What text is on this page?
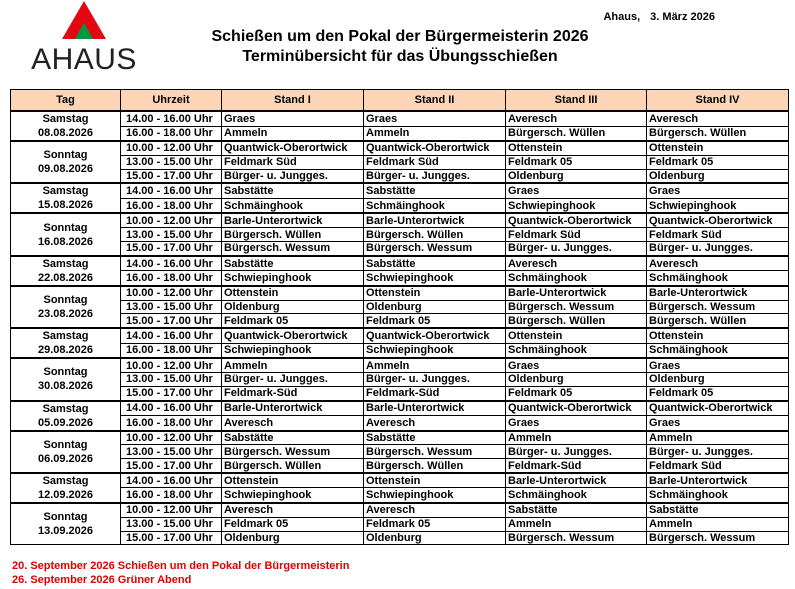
AHAUS
Schießen um den Pokal der Bürgermeisterin 2026
Terminübersicht für das Übungsschießen
Ahaus, 3. März 2026
Tag	Uhrzeit	Stand I	Stand II	Stand III	Stand IV

Samstag
08.08.2026	14.00 - 16.00 Uhr	Graes	Graes	Averesch	Averesch
	16.00 - 18.00 Uhr	Ammeln	Ammeln	Bürgersch. Wüllen	Bürgersch. Wüllen

Sonntag
09.08.2026	10.00 - 12.00 Uhr	Quantwick-Oberortwick	Quantwick-Oberortwick	Ottenstein	Ottenstein
	13.00 - 15.00 Uhr	Feldmark Süd	Feldmark Süd	Feldmark 05	Feldmark 05
	15.00 - 17.00 Uhr	Bürger- u. Jungges.	Bürger- u. Jungges.	Oldenburg	Oldenburg

Samstag
15.08.2026	14.00 - 16.00 Uhr	Sabstätte	Sabstätte	Graes	Graes
	16.00 - 18.00 Uhr	Schmäinghook	Schmäinghook	Schwiepinghook	Schwiepinghook

Sonntag
16.08.2026	10.00 - 12.00 Uhr	Barle-Unterortwick	Barle-Unterortwick	Quantwick-Oberortwick	Quantwick-Oberortwick
	13.00 - 15.00 Uhr	Bürgersch. Wüllen	Bürgersch. Wüllen	Feldmark Süd	Feldmark Süd
	15.00 - 17.00 Uhr	Bürgersch. Wessum	Bürgersch. Wessum	Bürger- u. Jungges.	Bürger- u. Jungges.

Samstag
22.08.2026	14.00 - 16.00 Uhr	Sabstätte	Sabstätte	Averesch	Averesch
	16.00 - 18.00 Uhr	Schwiepinghook	Schwiepinghook	Schmäinghook	Schmäinghook

Sonntag
23.08.2026	10.00 - 12.00 Uhr	Ottenstein	Ottenstein	Barle-Unterortwick	Barle-Unterortwick
	13.00 - 15.00 Uhr	Oldenburg	Oldenburg	Bürgersch. Wessum	Bürgersch. Wessum
	15.00 - 17.00 Uhr	Feldmark 05	Feldmark 05	Bürgersch. Wüllen	Bürgersch. Wüllen

Samstag
29.08.2026	14.00 - 16.00 Uhr	Quantwick-Oberortwick	Quantwick-Oberortwick	Ottenstein	Ottenstein
	16.00 - 18.00 Uhr	Schwiepinghook	Schwiepinghook	Schmäinghook	Schmäinghook

Sonntag
30.08.2026	10.00 - 12.00 Uhr	Ammeln	Ammeln	Graes	Graes
	13.00 - 15.00 Uhr	Bürger- u. Jungges.	Bürger- u. Jungges.	Oldenburg	Oldenburg
	15.00 - 17.00 Uhr	Feldmark-Süd	Feldmark-Süd	Feldmark 05	Feldmark 05

Samstag
05.09.2026	14.00 - 16.00 Uhr	Barle-Unterortwick	Barle-Unterortwick	Quantwick-Oberortwick	Quantwick-Oberortwick
	16.00 - 18.00 Uhr	Averesch	Averesch	Graes	Graes

Sonntag
06.09.2026	10.00 - 12.00 Uhr	Sabstätte	Sabstätte	Ammeln	Ammeln
	13.00 - 15.00 Uhr	Bürgersch. Wessum	Bürgersch. Wessum	Bürger- u. Jungges.	Bürger- u. Jungges.
	15.00 - 17.00 Uhr	Bürgersch. Wüllen	Bürgersch. Wüllen	Feldmark-Süd	Feldmark Süd

Samstag
12.09.2026	14.00 - 16.00 Uhr	Ottenstein	Ottenstein	Barle-Unterortwick	Barle-Unterortwick
	16.00 - 18.00 Uhr	Schwiepinghook	Schwiepinghook	Schmäinghook	Schmäinghook

Sonntag
13.09.2026	10.00 - 12.00 Uhr	Averesch	Averesch	Sabstätte	Sabstätte
	13.00 - 15.00 Uhr	Feldmark 05	Feldmark 05	Ammeln	Ammeln
	15.00 - 17.00 Uhr	Oldenburg	Oldenburg	Bürgersch. Wessum	Bürgersch. Wessum
20. September 2026 Schießen um den Pokal der Bürgermeisterin
26. September 2026 Grüner Abend
